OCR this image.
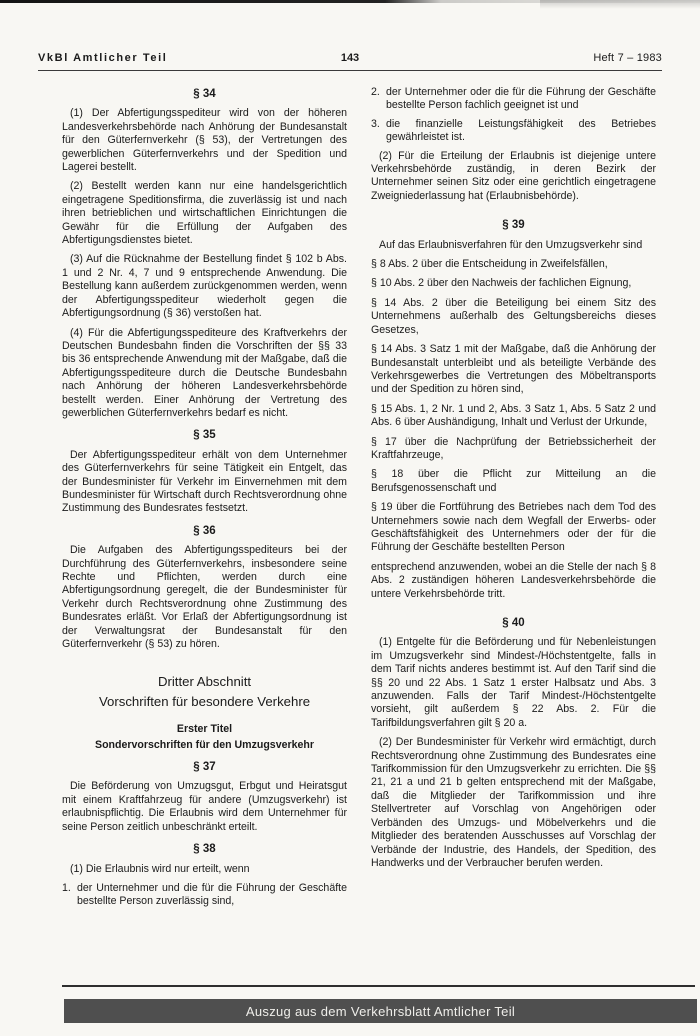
VkBl Amtlicher Teil	143	Heft 7 – 1983
§ 34

(1) Der Abfertigungsspediteur wird von der höheren Landesverkehrsbehörde nach Anhörung der Bundesanstalt für den Güterfernverkehr (§ 53), der Vertretungen des gewerblichen Güterfernverkehrs und der Spedition und Lagerei bestellt.

(2) Bestellt werden kann nur eine handelsgerichtlich eingetragene Speditionsfirma, die zuverlässig ist und nach ihren betrieblichen und wirtschaftlichen Einrichtungen die Gewähr für die Erfüllung der Aufgaben des Abfertigungsdienstes bietet.

(3) Auf die Rücknahme der Bestellung findet § 102 b Abs. 1 und 2 Nr. 4, 7 und 9 entsprechende Anwendung. Die Bestellung kann außerdem zurückgenommen werden, wenn der Abfertigungsspediteur wiederholt gegen die Abfertigungsordnung (§ 36) verstoßen hat.

(4) Für die Abfertigungsspediteure des Kraftverkehrs der Deutschen Bundesbahn finden die Vorschriften der §§ 33 bis 36 entsprechende Anwendung mit der Maßgabe, daß die Abfertigungsspediteure durch die Deutsche Bundesbahn nach Anhörung der höheren Landesverkehrsbehörde bestellt werden. Einer Anhörung der Vertretung des gewerblichen Güterfernverkehrs bedarf es nicht.

§ 35

Der Abfertigungsspediteur erhält von dem Unternehmer des Güterfernverkehrs für seine Tätigkeit ein Entgelt, das der Bundesminister für Verkehr im Einvernehmen mit dem Bundesminister für Wirtschaft durch Rechtsverordnung ohne Zustimmung des Bundesrates festsetzt.

§ 36

Die Aufgaben des Abfertigungsspediteurs bei der Durchführung des Güterfernverkehrs, insbesondere seine Rechte und Pflichten, werden durch eine Abfertigungsordnung geregelt, die der Bundesminister für Verkehr durch Rechtsverordnung ohne Zustimmung des Bundesrates erläßt. Vor Erlaß der Abfertigungsordnung ist der Verwaltungsrat der Bundesanstalt für den Güterfernverkehr (§ 53) zu hören.

Dritter Abschnitt

Vorschriften für besondere Verkehre

Erster Titel

Sondervorschriften für den Umzugsverkehr

§ 37

Die Beförderung von Umzugsgut, Erbgut und Heiratsgut mit einem Kraftfahrzeug für andere (Umzugsverkehr) ist erlaubnispflichtig. Die Erlaubnis wird dem Unternehmer für seine Person zeitlich unbeschränkt erteilt.

§ 38

(1) Die Erlaubnis wird nur erteilt, wenn

1. der Unternehmer und die für die Führung der Geschäfte bestellte Person zuverlässig sind,
2. der Unternehmer oder die für die Führung der Geschäfte bestellte Person fachlich geeignet ist und
3. die finanzielle Leistungsfähigkeit des Betriebes gewährleistet ist.

(2) Für die Erteilung der Erlaubnis ist diejenige untere Verkehrsbehörde zuständig, in deren Bezirk der Unternehmer seinen Sitz oder eine gerichtlich eingetragene Zweigniederlassung hat (Erlaubnisbehörde).

§ 39

Auf das Erlaubnisverfahren für den Umzugsverkehr sind

§ 8 Abs. 2 über die Entscheidung in Zweifelsfällen,

§ 10 Abs. 2 über den Nachweis der fachlichen Eignung,

§ 14 Abs. 2 über die Beteiligung bei einem Sitz des Unternehmens außerhalb des Geltungsbereichs dieses Gesetzes,

§ 14 Abs. 3 Satz 1 mit der Maßgabe, daß die Anhörung der Bundesanstalt unterbleibt und als beteiligte Verbände des Verkehrsgewerbes die Vertretungen des Möbeltransports und der Spedition zu hören sind,

§ 15 Abs. 1, 2 Nr. 1 und 2, Abs. 3 Satz 1, Abs. 5 Satz 2 und Abs. 6 über Aushändigung, Inhalt und Verlust der Urkunde,

§ 17 über die Nachprüfung der Betriebssicherheit der Kraftfahrzeuge,

§ 18 über die Pflicht zur Mitteilung an die Berufsgenossenschaft und

§ 19 über die Fortführung des Betriebes nach dem Tod des Unternehmers sowie nach dem Wegfall der Erwerbs- oder Geschäftsfähigkeit des Unternehmers oder der für die Führung der Geschäfte bestellten Person

entsprechend anzuwenden, wobei an die Stelle der nach § 8 Abs. 2 zuständigen höheren Landesverkehrsbehörde die untere Verkehrsbehörde tritt.

§ 40

(1) Entgelte für die Beförderung und für Nebenleistungen im Umzugsverkehr sind Mindest-/Höchstentgelte, falls in dem Tarif nichts anderes bestimmt ist. Auf den Tarif sind die §§ 20 und 22 Abs. 1 Satz 1 erster Halbsatz und Abs. 3 anzuwenden. Falls der Tarif Mindest-/Höchstentgelte vorsieht, gilt außerdem § 22 Abs. 2. Für die Tarifbildungsverfahren gilt § 20 a.

(2) Der Bundesminister für Verkehr wird ermächtigt, durch Rechtsverordnung ohne Zustimmung des Bundesrates eine Tarifkommission für den Umzugsverkehr zu errichten. Die §§ 21, 21 a und 21 b gelten entsprechend mit der Maßgabe, daß die Mitglieder der Tarifkommission und ihre Stellvertreter auf Vorschlag von Angehörigen oder Verbänden des Umzugs- und Möbelverkehrs und die Mitglieder des beratenden Ausschusses auf Vorschlag der Verbände der Industrie, des Handels, der Spedition, des Handwerks und der Verbraucher berufen werden.

Auszug aus dem Verkehrsblatt Amtlicher Teil
